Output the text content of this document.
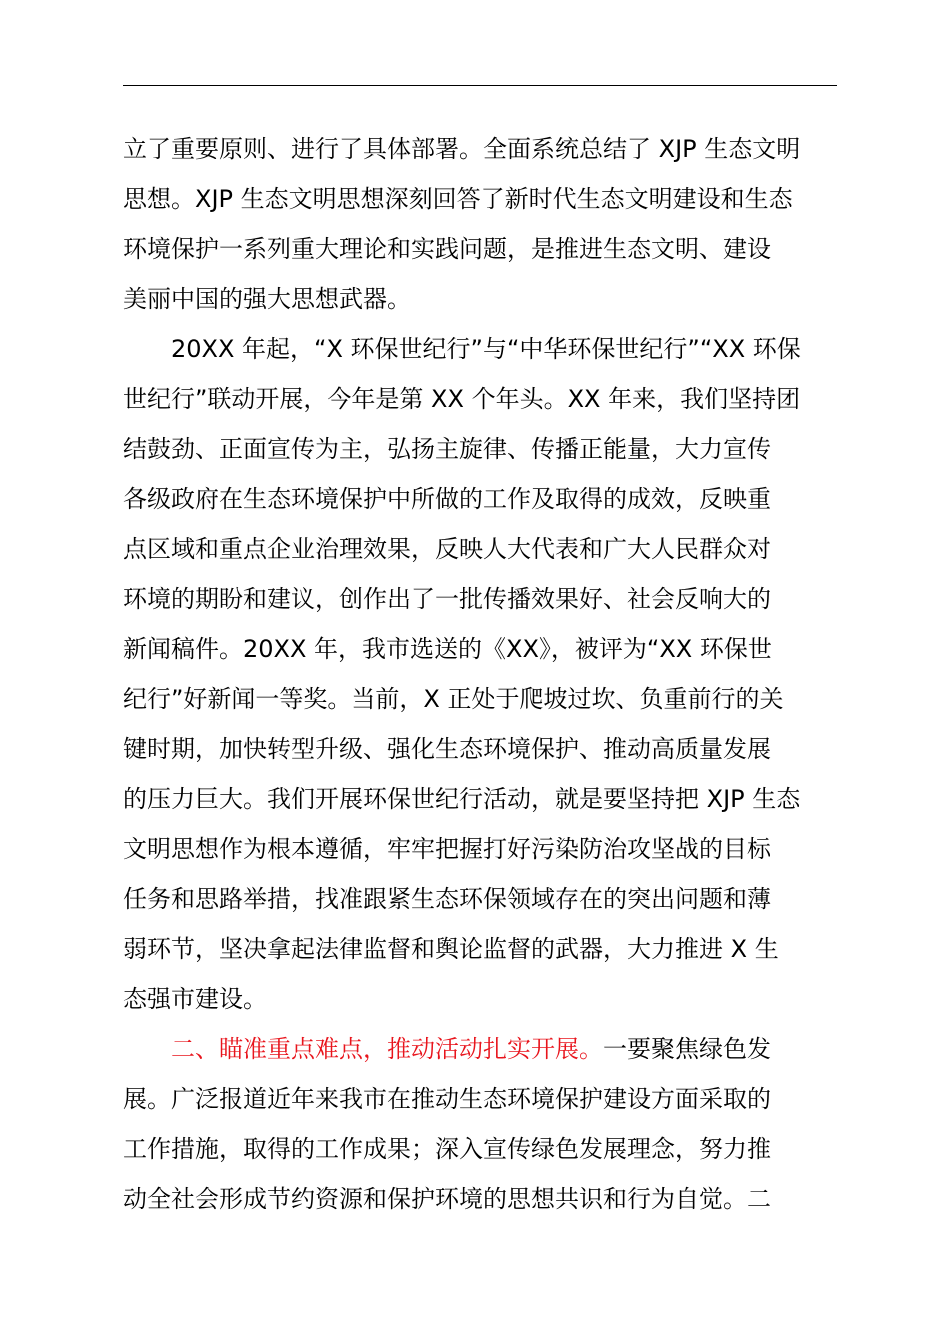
立了重要原则、进行了具体部署。全面系统总结了 XJP 生态文明
思想。XJP 生态文明思想深刻回答了新时代生态文明建设和生态
环境保护一系列重大理论和实践问题，是推进生态文明、建设
美丽中国的强大思想武器。
20XX 年起，“X 环保世纪行”与“中华环保世纪行”“XX 环保
世纪行”联动开展，今年是第 XX 个年头。XX 年来，我们坚持团
结鼓劲、正面宣传为主，弘扬主旋律、传播正能量，大力宣传
各级政府在生态环境保护中所做的工作及取得的成效，反映重
点区域和重点企业治理效果，反映人大代表和广大人民群众对
环境的期盼和建议，创作出了一批传播效果好、社会反响大的
新闻稿件。20XX 年，我市选送的《XX》，被评为“XX 环保世
纪行”好新闻一等奖。当前，X 正处于爬坡过坎、负重前行的关
键时期，加快转型升级、强化生态环境保护、推动高质量发展
的压力巨大。我们开展环保世纪行活动，就是要坚持把 XJP 生态
文明思想作为根本遵循，牢牢把握打好污染防治攻坚战的目标
任务和思路举措，找准跟紧生态环保领域存在的突出问题和薄
弱环节，坚决拿起法律监督和舆论监督的武器，大力推进 X 生
态强市建设。
二、瞄准重点难点，推动活动扎实开展。一要聚焦绿色发
展。广泛报道近年来我市在推动生态环境保护建设方面采取的
工作措施，取得的工作成果；深入宣传绿色发展理念，努力推
动全社会形成节约资源和保护环境的思想共识和行为自觉。二
